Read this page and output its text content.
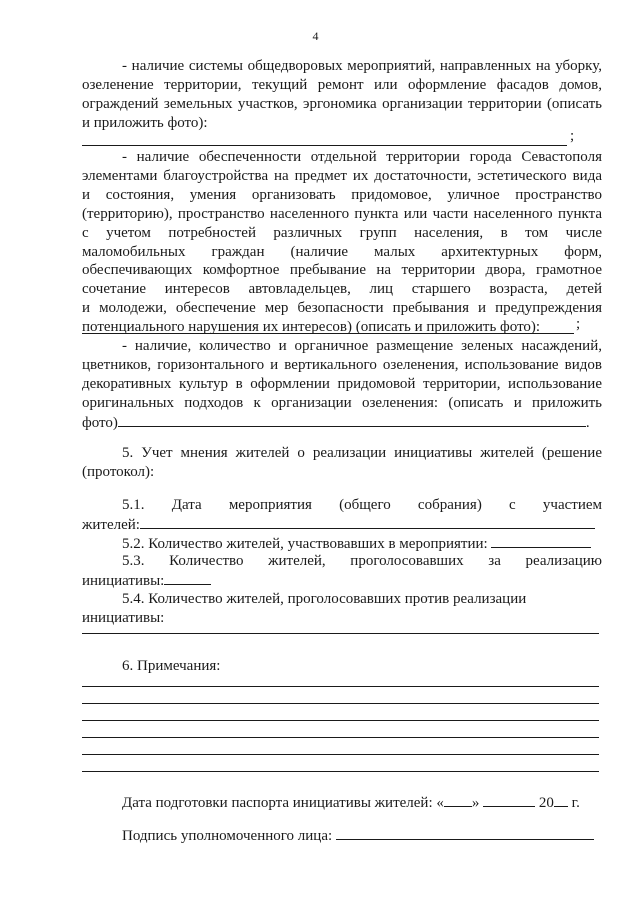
4
- наличие системы общедворовых мероприятий, направленных на уборку,
озеленение территории, текущий ремонт или оформление фасадов домов,
ограждений земельных участков, эргономика организации территории (описать
и приложить фото):
;
- наличие обеспеченности отдельной территории города Севастополя
элементами благоустройства на предмет их достаточности, эстетического вида
и состояния, умения организовать придомовое, уличное пространство
(территорию), пространство населенного пункта или части населенного пункта
с учетом потребностей различных групп населения, в том числе
маломобильных граждан (наличие малых архитектурных форм,
обеспечивающих комфортное пребывание на территории двора, грамотное
сочетание интересов автовладельцев, лиц старшего возраста, детей
и молодежи, обеспечение мер безопасности пребывания и предупреждения
потенциального нарушения их интересов) (описать и приложить фото):	;
- наличие, количество и органичное размещение зеленых насаждений,
цветников, горизонтального и вертикального озеленения, использование видов
декоративных культур в оформлении придомовой территории, использование
оригинальных подходов к организации озеленения: (описать и приложить
фото)	.
5. Учет мнения жителей о реализации инициативы жителей (решение
(протокол):
5.1. Дата мероприятия (общего собрания) с участием
жителей:
5.2. Количество жителей, участвовавших в мероприятии:
5.3. Количество жителей, проголосовавших за реализацию
инициативы:
5.4. Количество жителей, проголосовавших против реализации
инициативы:
6. Примечания:
Дата подготовки паспорта инициативы жителей: « »	20 г.
Подпись уполномоченного лица:
